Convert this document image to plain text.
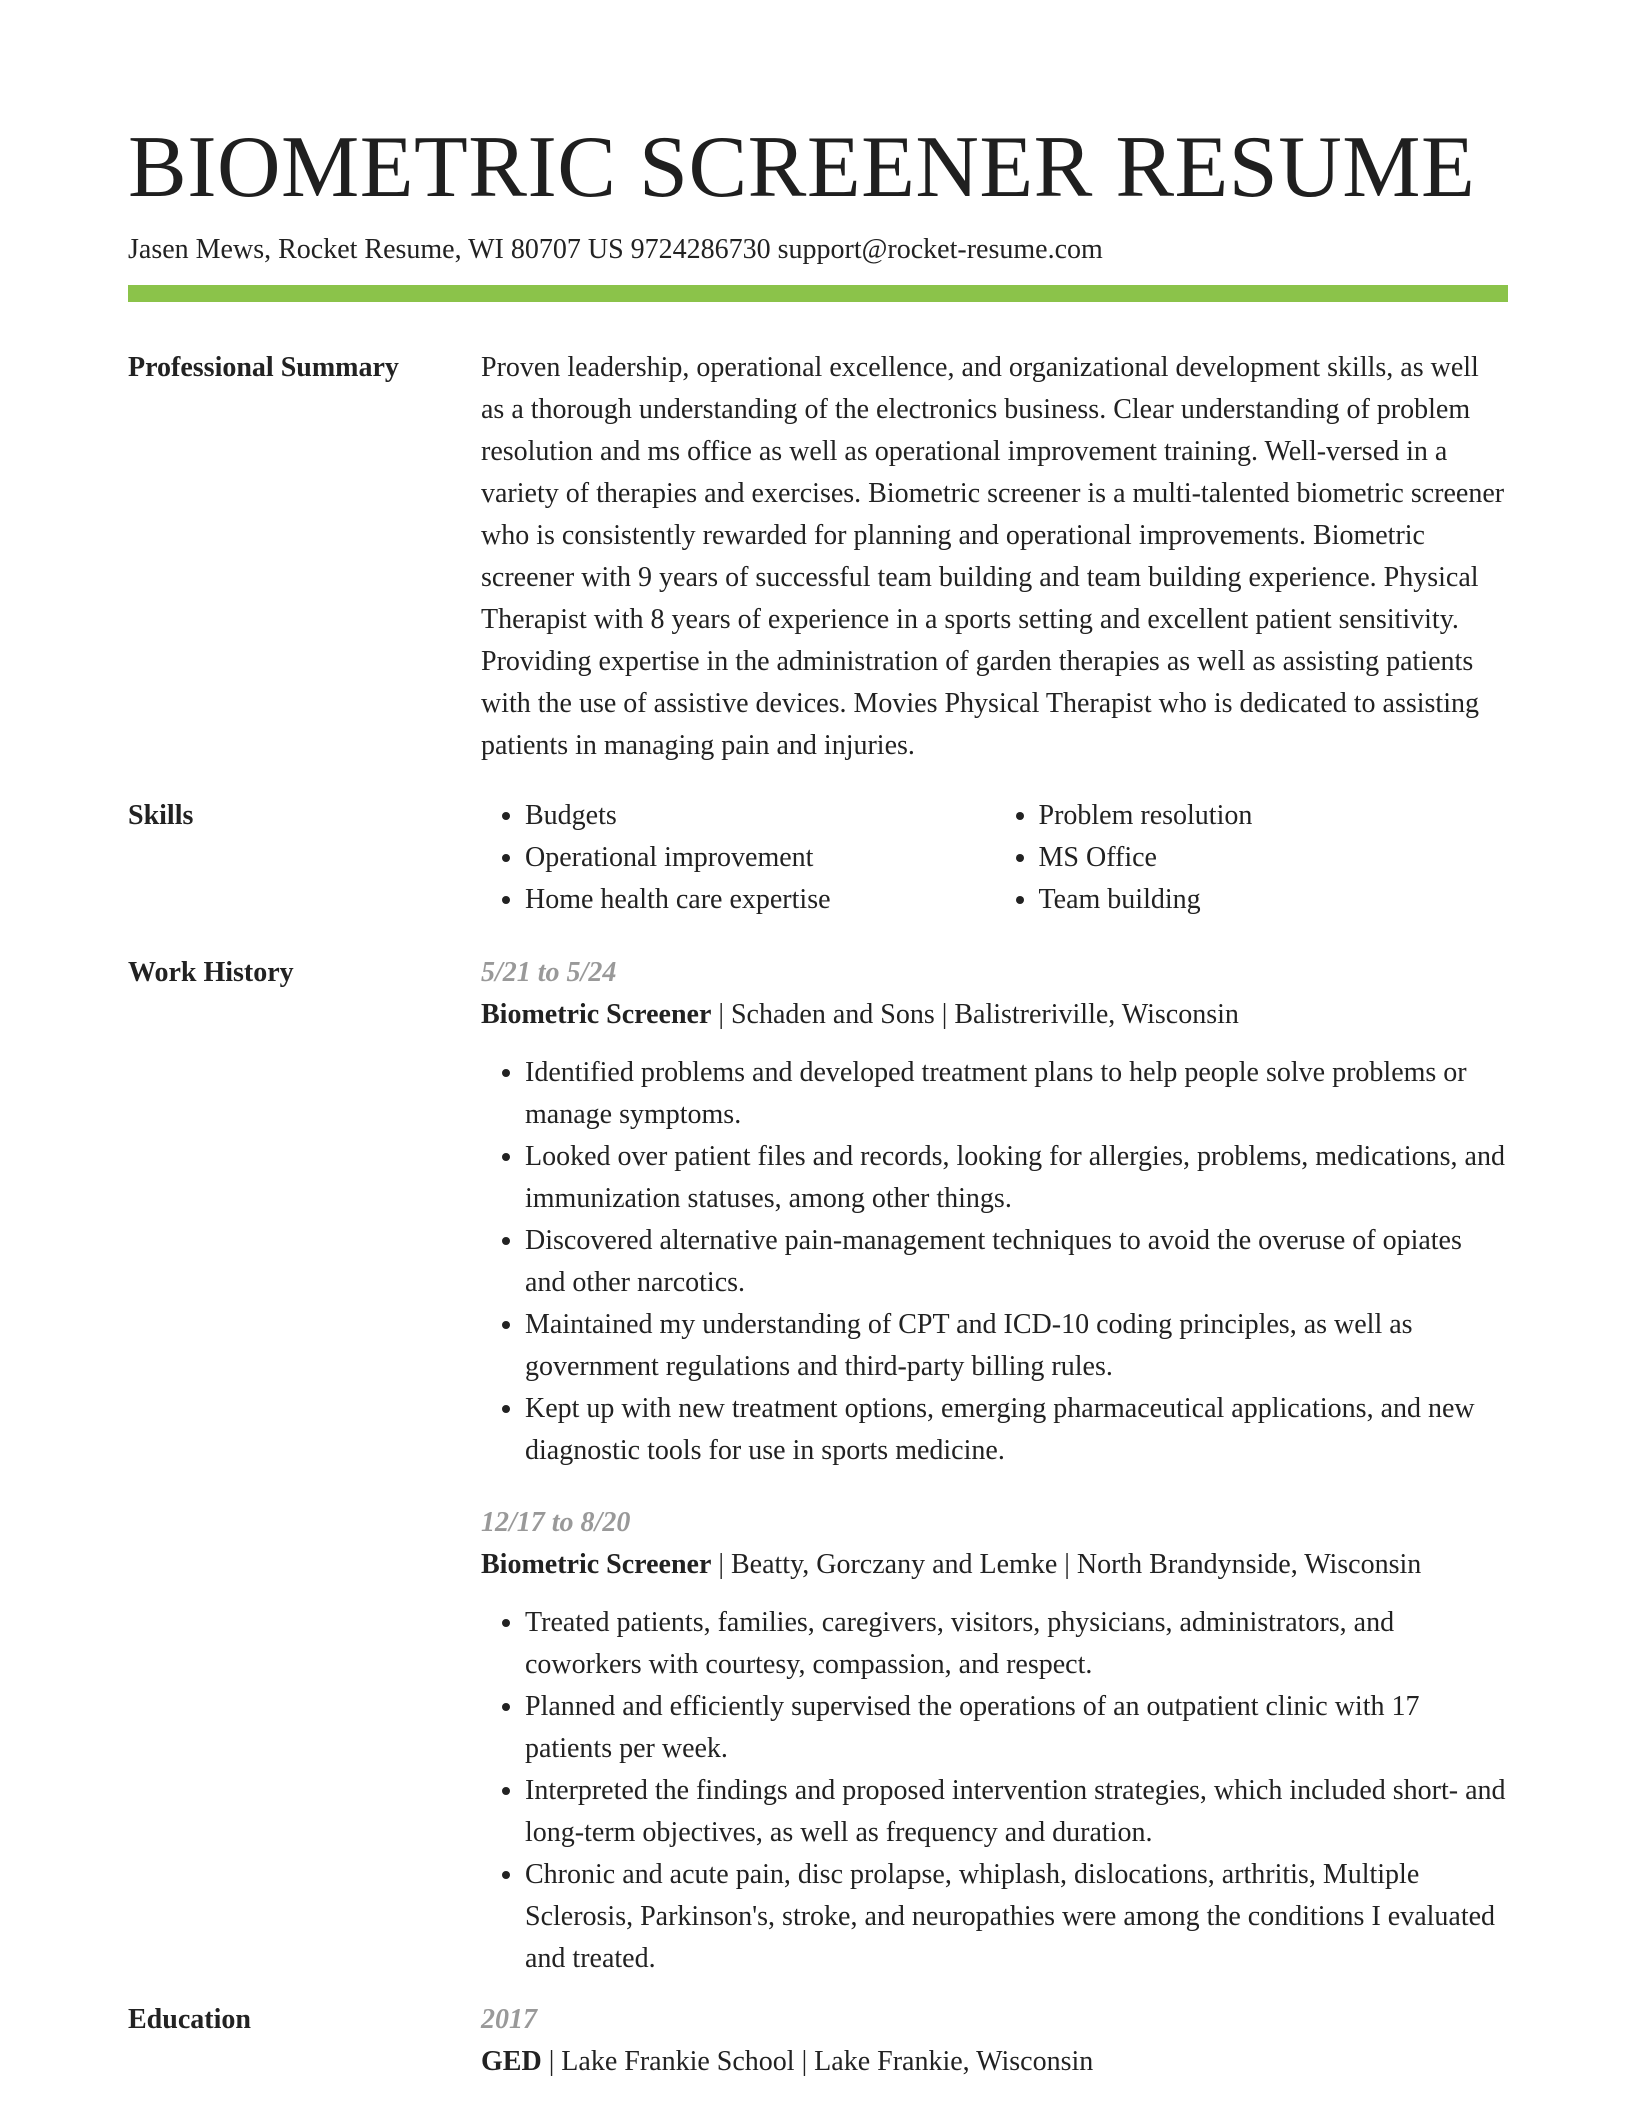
BIOMETRIC SCREENER RESUME
Jasen Mews, Rocket Resume, WI 80707 US 9724286730 support@rocket-resume.com
Professional Summary	Proven leadership, operational excellence, and organizational development skills, as well as a thorough understanding of the electronics business. Clear understanding of problem resolution and ms office as well as operational improvement training. Well-versed in a variety of therapies and exercises. Biometric screener is a multi-talented biometric screener who is consistently rewarded for planning and operational improvements. Biometric screener with 9 years of successful team building and team building experience. Physical Therapist with 8 years of experience in a sports setting and excellent patient sensitivity. Providing expertise in the administration of garden therapies as well as assisting patients with the use of assistive devices. Movies Physical Therapist who is dedicated to assisting patients in managing pain and injuries.

Skills
•	Budgets
• Operational improvement
• Home health care expertise
• Problem resolution
• MS Office
• Team building
Work History	5/21 to 5/24
Biometric Screener | Schaden and Sons | Balistreriville, Wisconsin
• Identified problems and developed treatment plans to help people solve problems or manage symptoms.
• Looked over patient files and records, looking for allergies, problems, medications, and immunization statuses, among other things.
• Discovered alternative pain-management techniques to avoid the overuse of opiates and other narcotics.
• Maintained my understanding of CPT and ICD-10 coding principles, as well as government regulations and third-party billing rules.
• Kept up with new treatment options, emerging pharmaceutical applications, and new diagnostic tools for use in sports medicine.
12/17 to 8/20
Biometric Screener | Beatty, Gorczany and Lemke | North Brandynside, Wisconsin
• Treated patients, families, caregivers, visitors, physicians, administrators, and coworkers with courtesy, compassion, and respect.
• Planned and efficiently supervised the operations of an outpatient clinic with 17 patients per week.
• Interpreted the findings and proposed intervention strategies, which included short- and long-term objectives, as well as frequency and duration.
• Chronic and acute pain, disc prolapse, whiplash, dislocations, arthritis, Multiple Sclerosis, Parkinson's, stroke, and neuropathies were among the conditions I evaluated and treated.
Education	2017
GED | Lake Frankie School | Lake Frankie, Wisconsin
